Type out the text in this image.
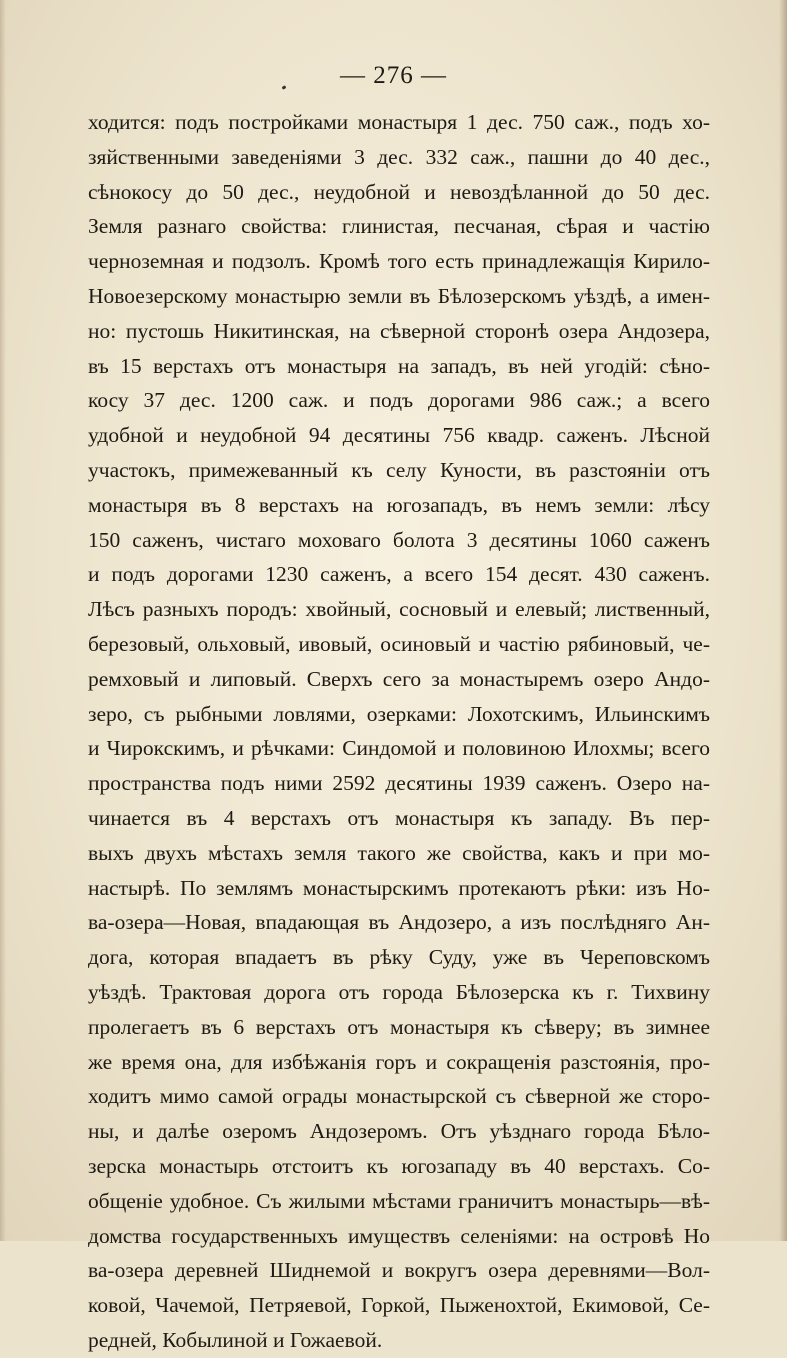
— 276 —
ходится: подъ постройками монастыря 1 дес. 750 саж., подъ хо-
зяйственными заведеніями 3 дес. 332 саж., пашни до 40 дес.,
сѣнокосу до 50 дес., неудобной и невоздѣланной до 50 дес.
Земля разнаго свойства: глинистая, песчаная, сѣрая и частію
черноземная и подзолъ. Кромѣ того есть принадлежащія Кирило-
Новоезерскому монастырю земли въ Бѣлозерскомъ уѣздѣ, а имен-
но: пустошь Никитинская, на сѣверной сторонѣ озера Андозера,
въ 15 верстахъ отъ монастыря на западъ, въ ней угодій: сѣно-
косу 37 дес. 1200 саж. и подъ дорогами 986 саж.; а всего
удобной и неудобной 94 десятины 756 квадр. саженъ. Лѣсной
участокъ, примежеванный къ селу Куности, въ разстояніи отъ
монастыря въ 8 верстахъ на югозападъ, въ немъ земли: лѣсу
150 саженъ, чистаго моховаго болота 3 десятины 1060 саженъ
и подъ дорогами 1230 саженъ, а всего 154 десят. 430 саженъ.
Лѣсъ разныхъ породъ: хвойный, сосновый и елевый; лиственный,
березовый, ольховый, ивовый, осиновый и частію рябиновый, че-
ремховый и липовый. Сверхъ сего за монастыремъ озеро Андо-
зеро, съ рыбными ловлями, озерками: Лохотскимъ, Ильинскимъ
и Чирокскимъ, и рѣчками: Синдомой и половиною Илохмы; всего
пространства подъ ними 2592 десятины 1939 саженъ. Озеро на-
чинается въ 4 верстахъ отъ монастыря къ западу. Въ пер-
выхъ двухъ мѣстахъ земля такого же свойства, какъ и при мо-
настырѣ. По землямъ монастырскимъ протекаютъ рѣки: изъ Но-
ва-озера—Новая, впадающая въ Андозеро, а изъ послѣдняго Ан-
дога, которая впадаетъ въ рѣку Суду, уже въ Череповскомъ
уѣздѣ. Трактовая дорога отъ города Бѣлозерска къ г. Тихвину
пролегаетъ въ 6 верстахъ отъ монастыря къ сѣверу; въ зимнее
же время она, для избѣжанія горъ и сокращенія разстоянія, про-
ходитъ мимо самой ограды монастырской съ сѣверной же сторо-
ны, и далѣе озеромъ Андозеромъ. Отъ уѣзднаго города Бѣло-
зерска монастырь отстоитъ къ югозападу въ 40 верстахъ. Со-
общеніе удобное. Съ жилыми мѣстами граничитъ монастырь—вѣ-
домства государственныхъ имуществъ селеніями: на островѣ Но
ва-озера деревней Шиднемой и вокругъ озера деревнями—Вол-
ковой, Чачемой, Петряевой, Горкой, Пыженохтой, Екимовой, Се-
редней, Кобылиной и Гожаевой.
